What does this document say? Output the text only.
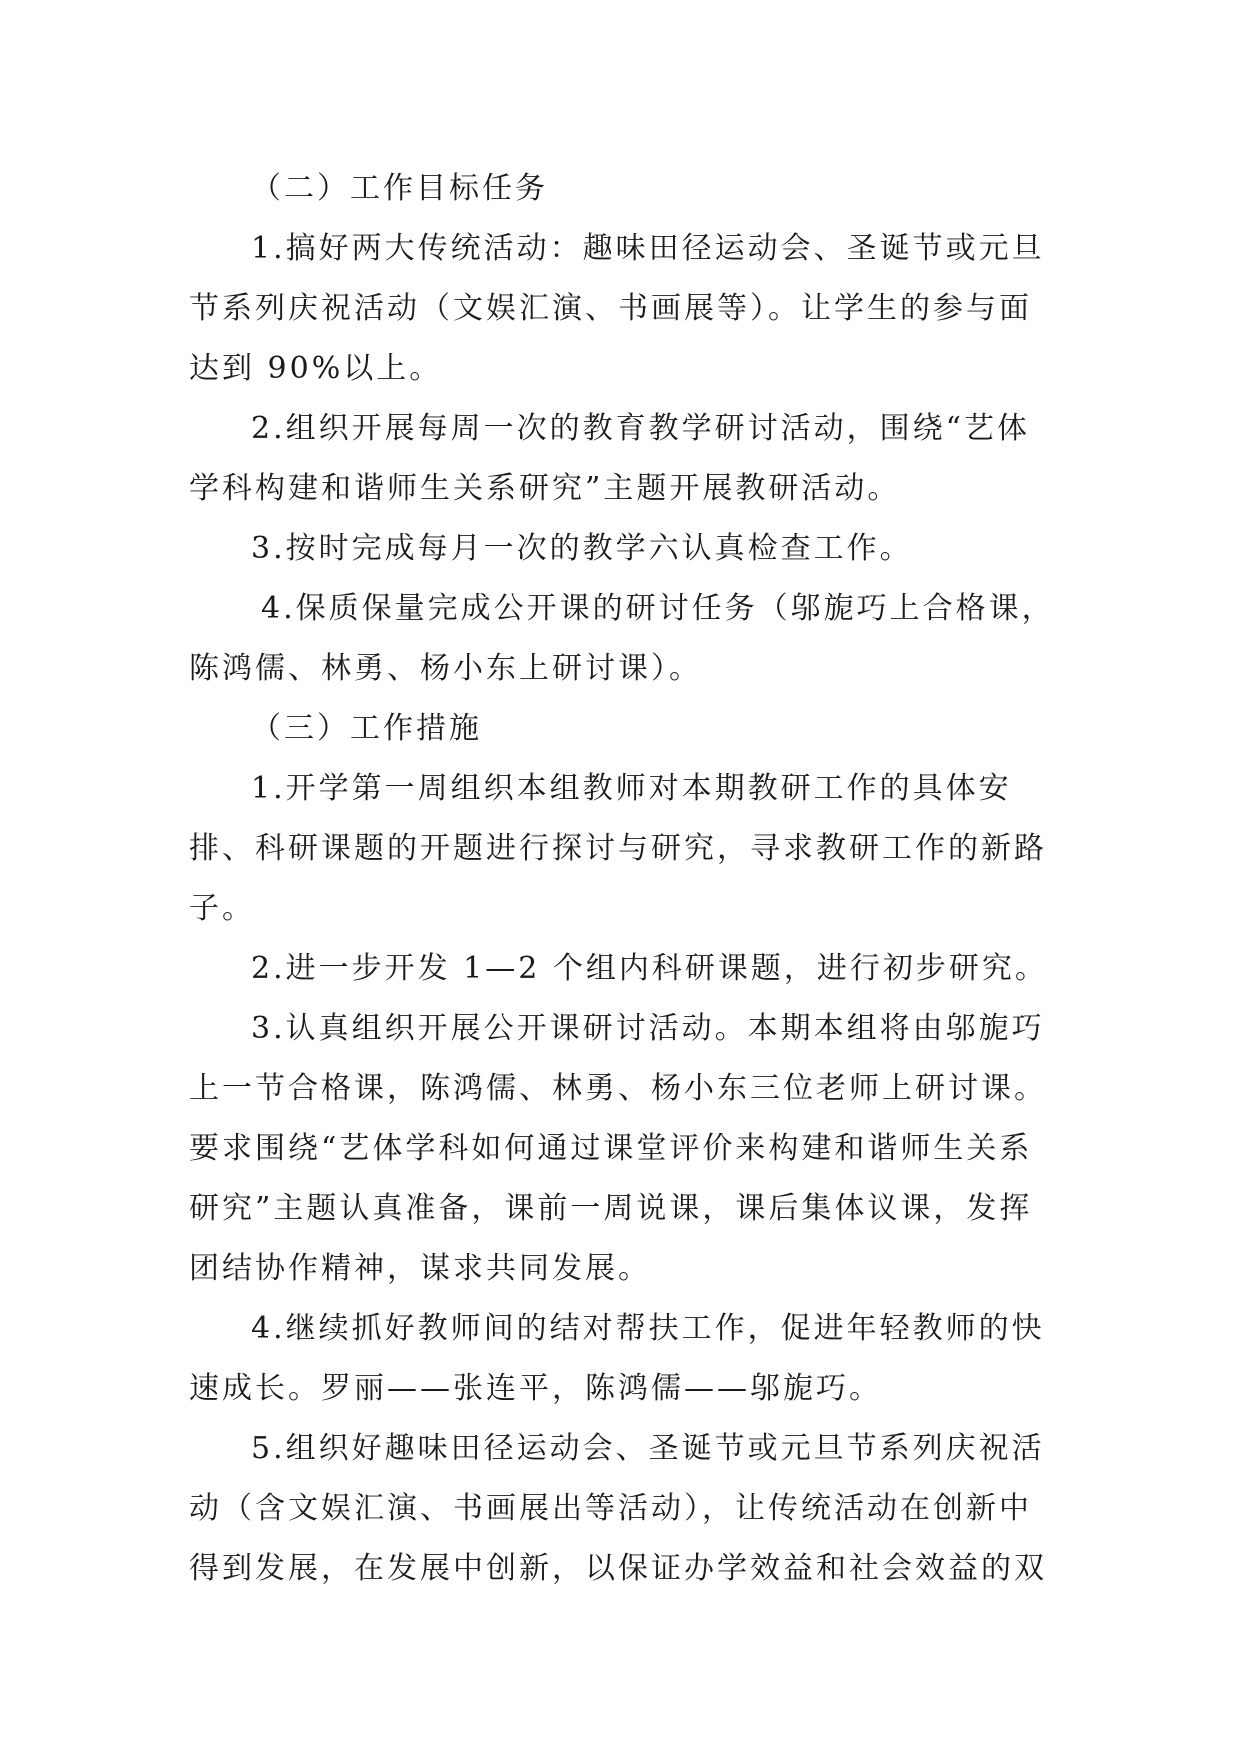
（二）工作目标任务
1.搞好两大传统活动：趣味田径运动会、圣诞节或元旦
节系列庆祝活动（文娱汇演、书画展等）。让学生的参与面
达到 90%以上。
2.组织开展每周一次的教育教学研讨活动，围绕“艺体
学科构建和谐师生关系研究”主题开展教研活动。
3.按时完成每月一次的教学六认真检查工作。
4.保质保量完成公开课的研讨任务（邬旎巧上合格课，
陈鸿儒、林勇、杨小东上研讨课）。
（三）工作措施
1.开学第一周组织本组教师对本期教研工作的具体安
排、科研课题的开题进行探讨与研究，寻求教研工作的新路
子。
2.进一步开发 1—2 个组内科研课题，进行初步研究。
3.认真组织开展公开课研讨活动。本期本组将由邬旎巧
上一节合格课，陈鸿儒、林勇、杨小东三位老师上研讨课。
要求围绕“艺体学科如何通过课堂评价来构建和谐师生关系
研究”主题认真准备，课前一周说课，课后集体议课，发挥
团结协作精神，谋求共同发展。
4.继续抓好教师间的结对帮扶工作，促进年轻教师的快
速成长。罗丽——张连平，陈鸿儒——邬旎巧。
5.组织好趣味田径运动会、圣诞节或元旦节系列庆祝活
动（含文娱汇演、书画展出等活动），让传统活动在创新中
得到发展，在发展中创新，以保证办学效益和社会效益的双
